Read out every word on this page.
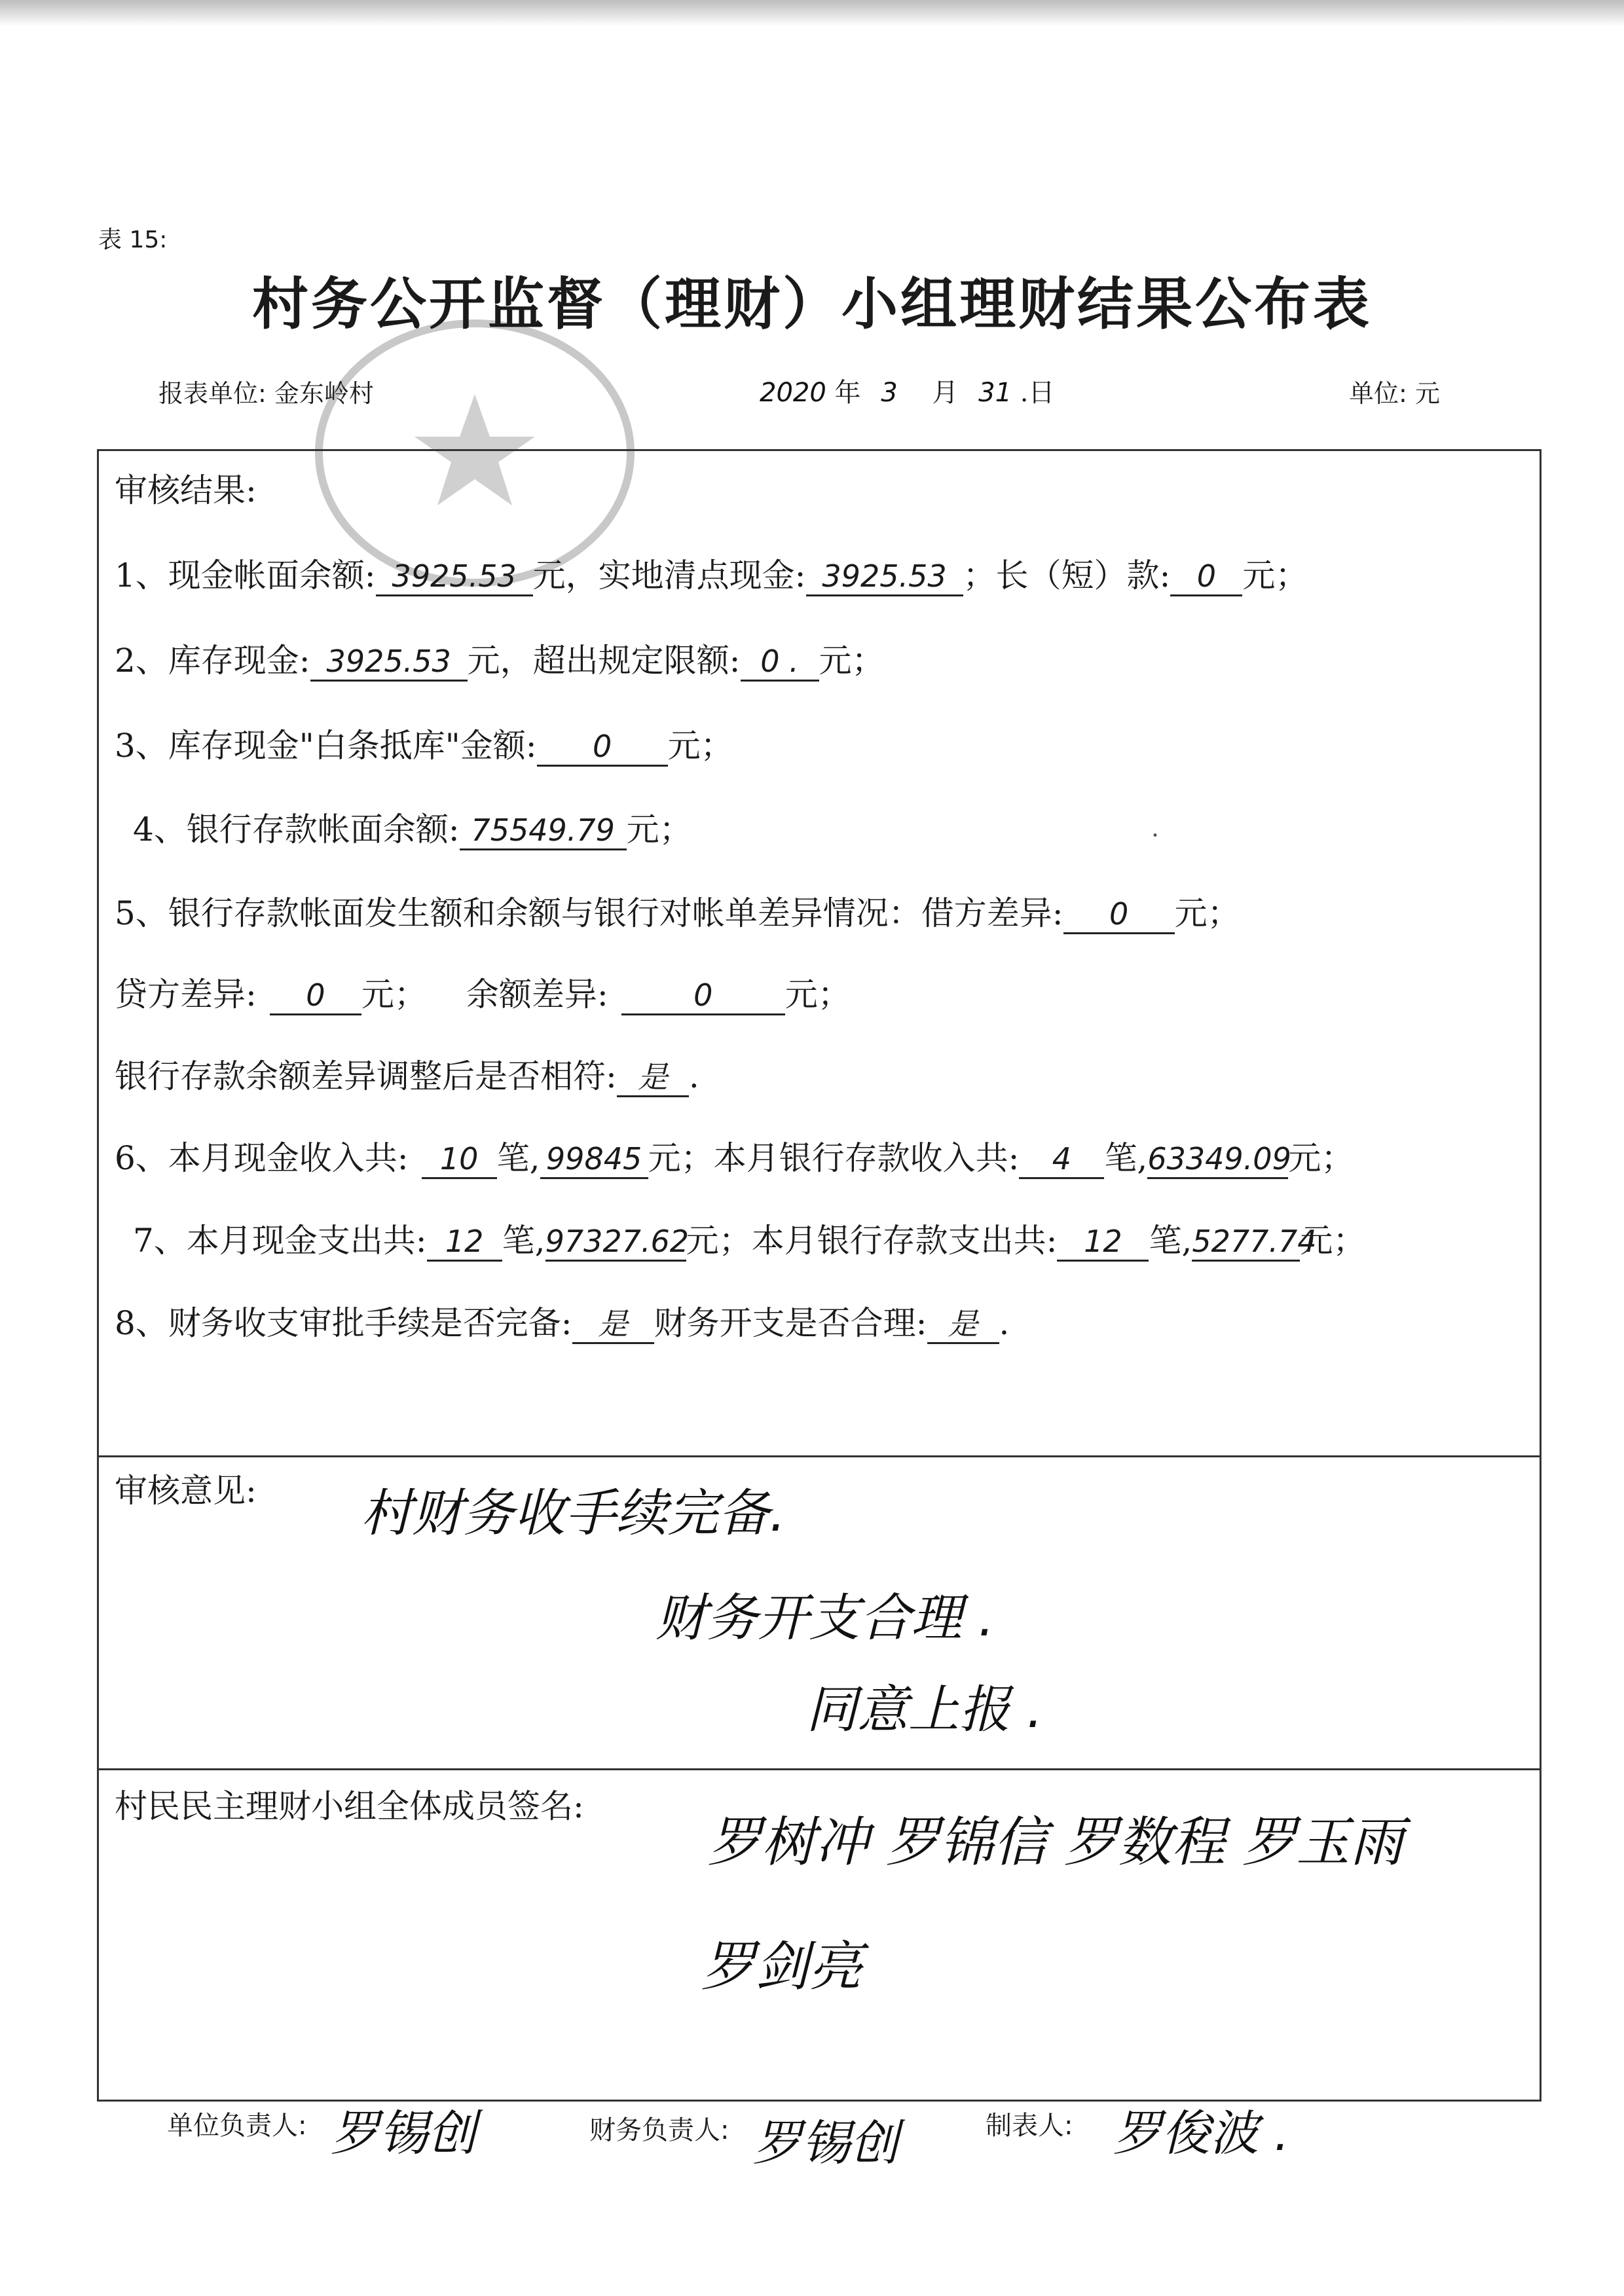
表 15:
村务公开监督（理财）小组理财结果公布表
报表单位: 金东岭村	2020 年 3 月 31 .日	单位: 元
审核结果:
1、现金帐面余额: 3925.53 元，实地清点现金: 3925.53 ；长（短）款: 0 元；
2、库存现金: 3925.53 元，超出规定限额: 0 . 元；
3、库存现金"白条抵库"金额: 0 元；
4、银行存款帐面余额: 75549.79 元；	·
5、银行存款帐面发生额和余额与银行对帐单差异情况：借方差异: 0 元；
贷方差异: 0 元； 余额差异:	0 元；
银行存款余额差异调整后是否相符: 是 .
6、本月现金收入共: 10 笔, 99845 元；本月银行存款收入共: 4 笔,63349.09元；
7、本月现金支出共: 12 笔,97327.62元；本月银行存款支出共: 12 笔,5277.74元；
8、财务收支审批手续是否完备: 是 财务开支是否合理: 是 .
审核意见: 村财务收手续完备.
财务开支合理 .
同意上报 .
村民民主理财小组全体成员签名:
罗树冲 罗锦信 罗数程 罗玉雨
罗剑亮
单位负责人: 罗锡创	财务负责人: 罗锡创	制表人: 罗俊波 .
